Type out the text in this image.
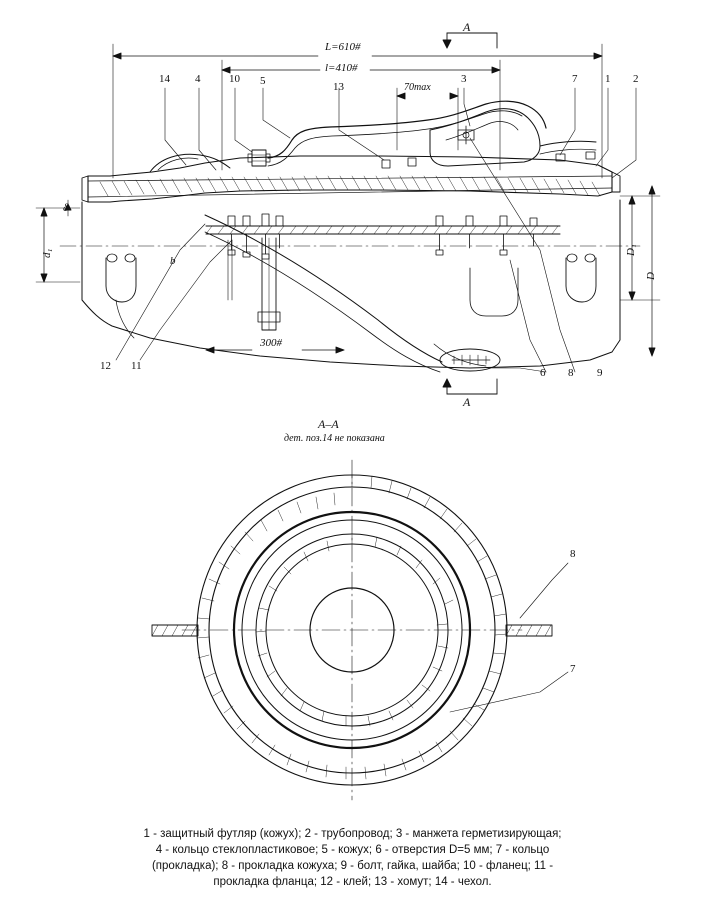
L=610#
l=410#
70max
300#
δ
b
d₁	D₁
D
A
A
14 4	10 5	13
3	7	1 2
12 11
6 8 9
A–A
дет. поз.14 не показана
8
7
1 - защитный футляр (кожух); 2 - трубопровод; 3 - манжета герметизирующая;
4 - кольцо стеклопластиковое; 5 - кожух; 6 - отверстия D=5 мм; 7 - кольцо
(прокладка); 8 - прокладка кожуха; 9 - болт, гайка, шайба; 10 - фланец; 11 -
прокладка фланца; 12 - клей; 13 - хомут; 14 - чехол.
